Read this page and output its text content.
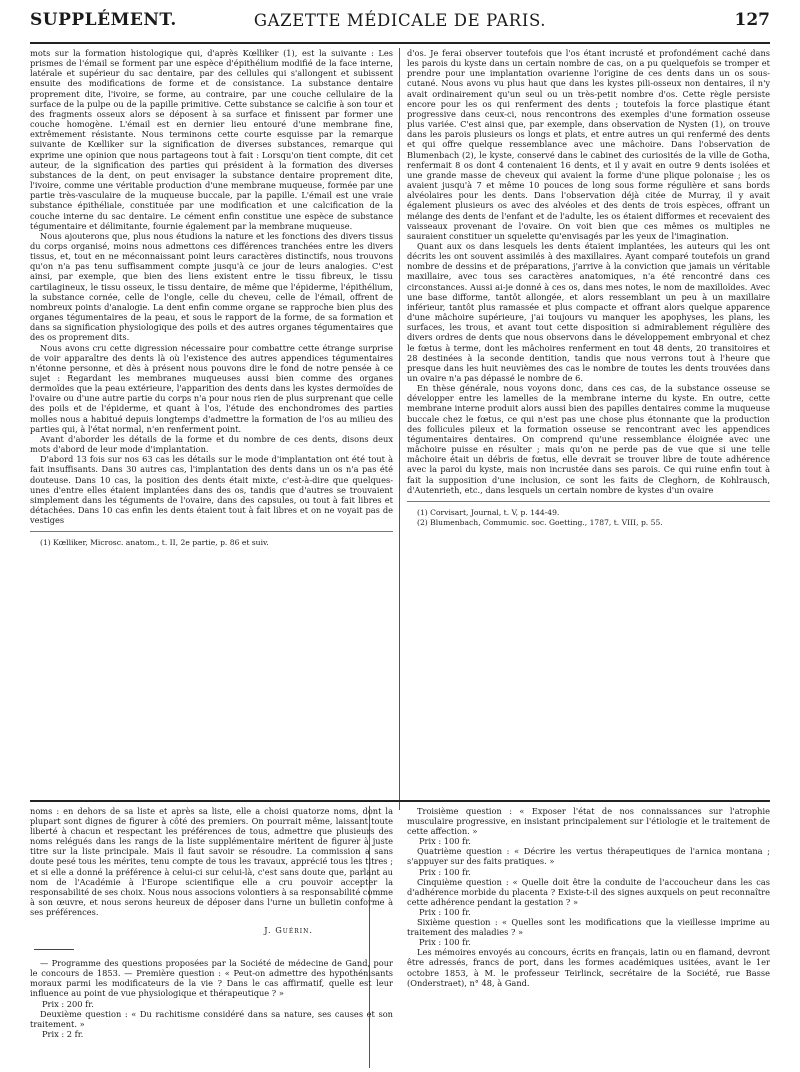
SUPPLÉMENT.	GAZETTE MÉDICALE DE PARIS.	127

mots sur la formation histologique qui, d'après Kœlliker (1), est la suivante : Les prismes de l'émail se forment par une espèce d'épithélium modifié de la face interne, latérale et supérieur du sac dentaire, par des cellules qui s'allongent et subissent ensuite des modifications de forme et de consistance. La substance dentaire proprement dite, l'ivoire, se forme, au contraire, par une couche cellulaire de la surface de la pulpe ou de la papille primitive. Cette substance se calcifie à son tour et des fragments osseux alors se déposent à sa surface et finissent par former une couche homogène. L'émail est en dernier lieu entouré d'une membrane fine, extrêmement résistante. Nous terminons cette courte esquisse par la remarque suivante de Kœlliker sur la signification de diverses substances, remarque qui exprime une opinion que nous partageons tout à fait : Lorsqu'on tient compte, dit cet auteur, de la signification des parties qui président à la formation des diverses substances de la dent, on peut envisager la substance dentaire proprement dite, l'ivoire, comme une véritable production d'une membrane muqueuse, formée par une partie très-vasculaire de la muqueuse buccale, par la papille. L'émail est une vraie substance épithéliale, constituée par une modification et une calcification de la couche interne du sac dentaire. Le cément enfin constitue une espèce de substance tégumentaire et délimitante, fournie également par la membrane muqueuse.

Nous ajouterons que, plus nous étudions la nature et les fonctions des divers tissus du corps organisé, moins nous admettons ces différences tranchées entre les divers tissus, et, tout en ne méconnaissant point leurs caractères distinctifs, nous trouvons qu'on n'a pas tenu suffisamment compte jusqu'à ce jour de leurs analogies. C'est ainsi, par exemple, que bien des liens existent entre le tissu fibreux, le tissu cartilagineux, le tissu osseux, le tissu dentaire, de même que l'épiderme, l'épithélium, la substance cornée, celle de l'ongle, celle du cheveu, celle de l'émail, offrent de nombreux points d'analogie. La dent enfin comme organe se rapproche bien plus des organes tégumentaires de la peau, et sous le rapport de la forme, de sa formation et dans sa signification physiologique des poils et des autres organes tégumentaires que des os proprement dits.

Nous avons cru cette digression nécessaire pour combattre cette étrange surprise de voir apparaître des dents là où l'existence des autres appendices tégumentaires n'étonne personne, et dès à présent nous pouvons dire le fond de notre pensée à ce sujet : Regardant les membranes muqueuses aussi bien comme des organes dermoïdes que la peau extérieure, l'apparition des dents dans les kystes dermoïdes de l'ovaire ou d'une autre partie du corps n'a pour nous rien de plus surprenant que celle des poils et de l'épiderme, et quant à l'os, l'étude des enchondromes des parties molles nous a habitué depuis longtemps d'admettre la formation de l'os au milieu des parties qui, à l'état normal, n'en renferment point.

Avant d'aborder les détails de la forme et du nombre de ces dents, disons deux mots d'abord de leur mode d'implantation.

D'abord 13 fois sur nos 63 cas les détails sur le mode d'implantation ont été tout à fait insuffisants. Dans 30 autres cas, l'implantation des dents dans un os n'a pas été douteuse. Dans 10 cas, la position des dents était mixte, c'est-à-dire que quelques-unes d'entre elles étaient implantées dans des os, tandis que d'autres se trouvaient simplement dans les téguments de l'ovaire, dans des capsules, ou tout à fait libres et détachées. Dans 10 cas enfin les dents étaient tout à fait libres et on ne voyait pas de vestiges

(1) Kœlliker, Microsc. anatom., t. II, 2e partie, p. 86 et suiv.

d'os. Je ferai observer toutefois que l'os étant incrusté et profondément caché dans les parois du kyste dans un certain nombre de cas, on a pu quelquefois se tromper et prendre pour une implantation ovarienne l'origine de ces dents dans un os sous-cutané. Nous avons vu plus haut que dans les kystes pili-osseux non dentaires, il n'y avait ordinairement qu'un seul ou un très-petit nombre d'os. Cette règle persiste encore pour les os qui renferment des dents ; toutefois la force plastique étant progressive dans ceux-ci, nous rencontrons des exemples d'une formation osseuse plus variée. C'est ainsi que, par exemple, dans observation de Nysten (1), on trouve dans les parois plusieurs os longs et plats, et entre autres un qui renfermé des dents et qui offre quelque ressemblance avec une mâchoire. Dans l'observation de Blumenbach (2), le kyste, conservé dans le cabinet des curiosités de la ville de Gotha, renfermait 8 os dont 4 contenaient 16 dents, et il y avait en outre 9 dents isolées et une grande masse de cheveux qui avaient la forme d'une plique polonaise ; les os avaient jusqu'à 7 et même 10 pouces de long sous forme régulière et sans bords alvéolaires pour les dents. Dans l'observation déjà citée de Murray, il y avait également plusieurs os avec des alvéoles et des dents de trois espèces, offrant un mélange des dents de l'enfant et de l'adulte, les os étaient difformes et recevaient des vaisseaux provenant de l'ovaire. On voit bien que ces mêmes os multiples ne sauraient constituer un squelette qu'envisagés par les yeux de l'imagination.

Quant aux os dans lesquels les dents étaient implantées, les auteurs qui les ont décrits les ont souvent assimilés à des maxillaires. Ayant comparé toutefois un grand nombre de dessins et de préparations, j'arrive à la conviction que jamais un véritable maxillaire, avec tous ses caractères anatomiques, n'a été rencontré dans ces circonstances. Aussi ai-je donné à ces os, dans mes notes, le nom de maxilloïdes. Avec une base difforme, tantôt allongée, et alors ressemblant un peu à un maxillaire inférieur, tantôt plus ramassée et plus compacte et offrant alors quelque apparence d'une mâchoire supérieure, j'ai toujours vu manquer les apophyses, les plans, les surfaces, les trous, et avant tout cette disposition si admirablement régulière des divers ordres de dents que nous observons dans le développement embryonal et chez le fœtus à terme, dont les mâchoires renferment en tout 48 dents, 20 transitoires et 28 destinées à la seconde dentition, tandis que nous verrons tout à l'heure que presque dans les huit neuvièmes des cas le nombre de toutes les dents trouvées dans un ovaire n'a pas dépassé le nombre de 6.

En thèse générale, nous voyons donc, dans ces cas, de la substance osseuse se développer entre les lamelles de la membrane interne du kyste. En outre, cette membrane interne produit alors aussi bien des papilles dentaires comme la muqueuse buccale chez le fœtus, ce qui n'est pas une chose plus étonnante que la production des follicules pileux et la formation osseuse se rencontrant avec les appendices tégumentaires dentaires. On comprend qu'une ressemblance éloignée avec une mâchoire puisse en résulter ; mais qu'on ne perde pas de vue que si une telle mâchoire était un débris de fœtus, elle devrait se trouver libre de toute adhérence avec la paroi du kyste, mais non incrustée dans ses parois. Ce qui ruine enfin tout à fait la supposition d'une inclusion, ce sont les faits de Cleghorn, de Kohlrausch, d'Autenrieth, etc., dans lesquels un certain nombre de kystes d'un ovaire

(1) Corvisart, Journal, t. V, p. 144-49.

(2) Blumenbach, Commumic. soc. Goetting., 1787, t. VIII, p. 55.

noms : en dehors de sa liste et après sa liste, elle a choisi quatorze noms, dont la plupart sont dignes de figurer à côté des premiers. On pourrait même, laissant toute liberté à chacun et respectant les préférences de tous, admettre que plusieurs des noms relégués dans les rangs de la liste supplémentaire méritent de figurer à juste titre sur la liste principale. Mais il faut savoir se résoudre. La commission a sans doute pesé tous les mérites, tenu compte de tous les travaux, apprécié tous les titres ; et si elle a donné la préférence à celui-ci sur celui-là, c'est sans doute que, parlant au nom de l'Académie à l'Europe scientifique elle a cru pouvoir accepter la responsabilité de ses choix. Nous nous associons volontiers à sa responsabilité comme à son œuvre, et nous serons heureux de déposer dans l'urne un bulletin conforme à ses préférences.

J. Guérin.

— Programme des questions proposées par la Société de médecine de Gand, pour le concours de 1853. — Première question : « Peut-on admettre des hypothénisants moraux parmi les modificateurs de la vie ? Dans le cas affirmatif, quelle est leur influence au point de vue physiologique et thérapeutique ? »

Prix : 200 fr.

Deuxième question : « Du rachitisme considéré dans sa nature, ses causes et son traitement. »

Prix : 2 fr.

Troisième question : « Exposer l'état de nos connaissances sur l'atrophie musculaire progressive, en insistant principalement sur l'étiologie et le traitement de cette affection. »

Prix : 100 fr.

Quatrième question : « Décrire les vertus thérapeutiques de l'arnica montana ; s'appuyer sur des faits pratiques. »

Prix : 100 fr.

Cinquième question : « Quelle doit être la conduite de l'accoucheur dans les cas d'adhérence morbide du placenta ? Existe-t-il des signes auxquels on peut reconnaître cette adhérence pendant la gestation ? »

Prix : 100 fr.

Sixième question : « Quelles sont les modifications que la vieillesse imprime au traitement des maladies ? »

Prix : 100 fr.

Les mémoires envoyés au concours, écrits en français, latin ou en flamand, devront être adressés, francs de port, dans les formes académiques usitées, avant le 1er octobre 1853, à M. le professeur Teirlinck, secrétaire de la Société, rue Basse (Onderstraet), n° 48, à Gand.
